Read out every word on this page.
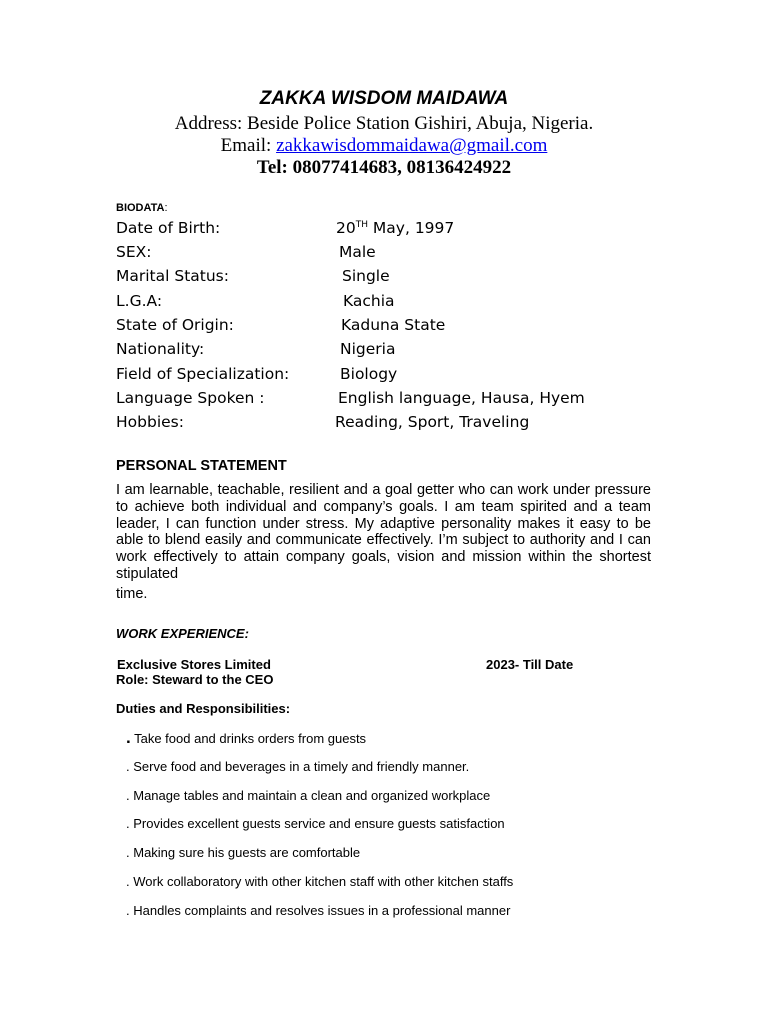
ZAKKA WISDOM MAIDAWA
Address: Beside Police Station Gishiri, Abuja, Nigeria.
Email: zakkawisdommaidawa@gmail.com
Tel: 08077414683, 08136424922
BIODATA:
Date of Birth:	20TH May, 1997
SEX:	Male
Marital Status:	Single
L.G.A:	Kachia
State of Origin:	Kaduna State
Nationality:	Nigeria
Field of Specialization:	Biology
Language Spoken :	English language, Hausa, Hyem
Hobbies:	Reading, Sport, Traveling
PERSONAL STATEMENT
I am learnable, teachable, resilient and a goal getter who can work under pressure to achieve both individual and company’s goals. I am team spirited and a team leader, I can function under stress. My adaptive personality makes it easy to be able to blend easily and communicate effectively. I’m subject to authority and I can work effectively to attain company goals, vision and mission within the shortest stipulated
time.
WORK EXPERIENCE:
Exclusive Stores Limited	2023- Till Date
Role: Steward to the CEO
Duties and Responsibilities:
. Take food and drinks orders from guests
. Serve food and beverages in a timely and friendly manner.
. Manage tables and maintain a clean and organized workplace
. Provides excellent guests service and ensure guests satisfaction
. Making sure his guests are comfortable
. Work collaboratory with other kitchen staff with other kitchen staffs
. Handles complaints and resolves issues in a professional manner
